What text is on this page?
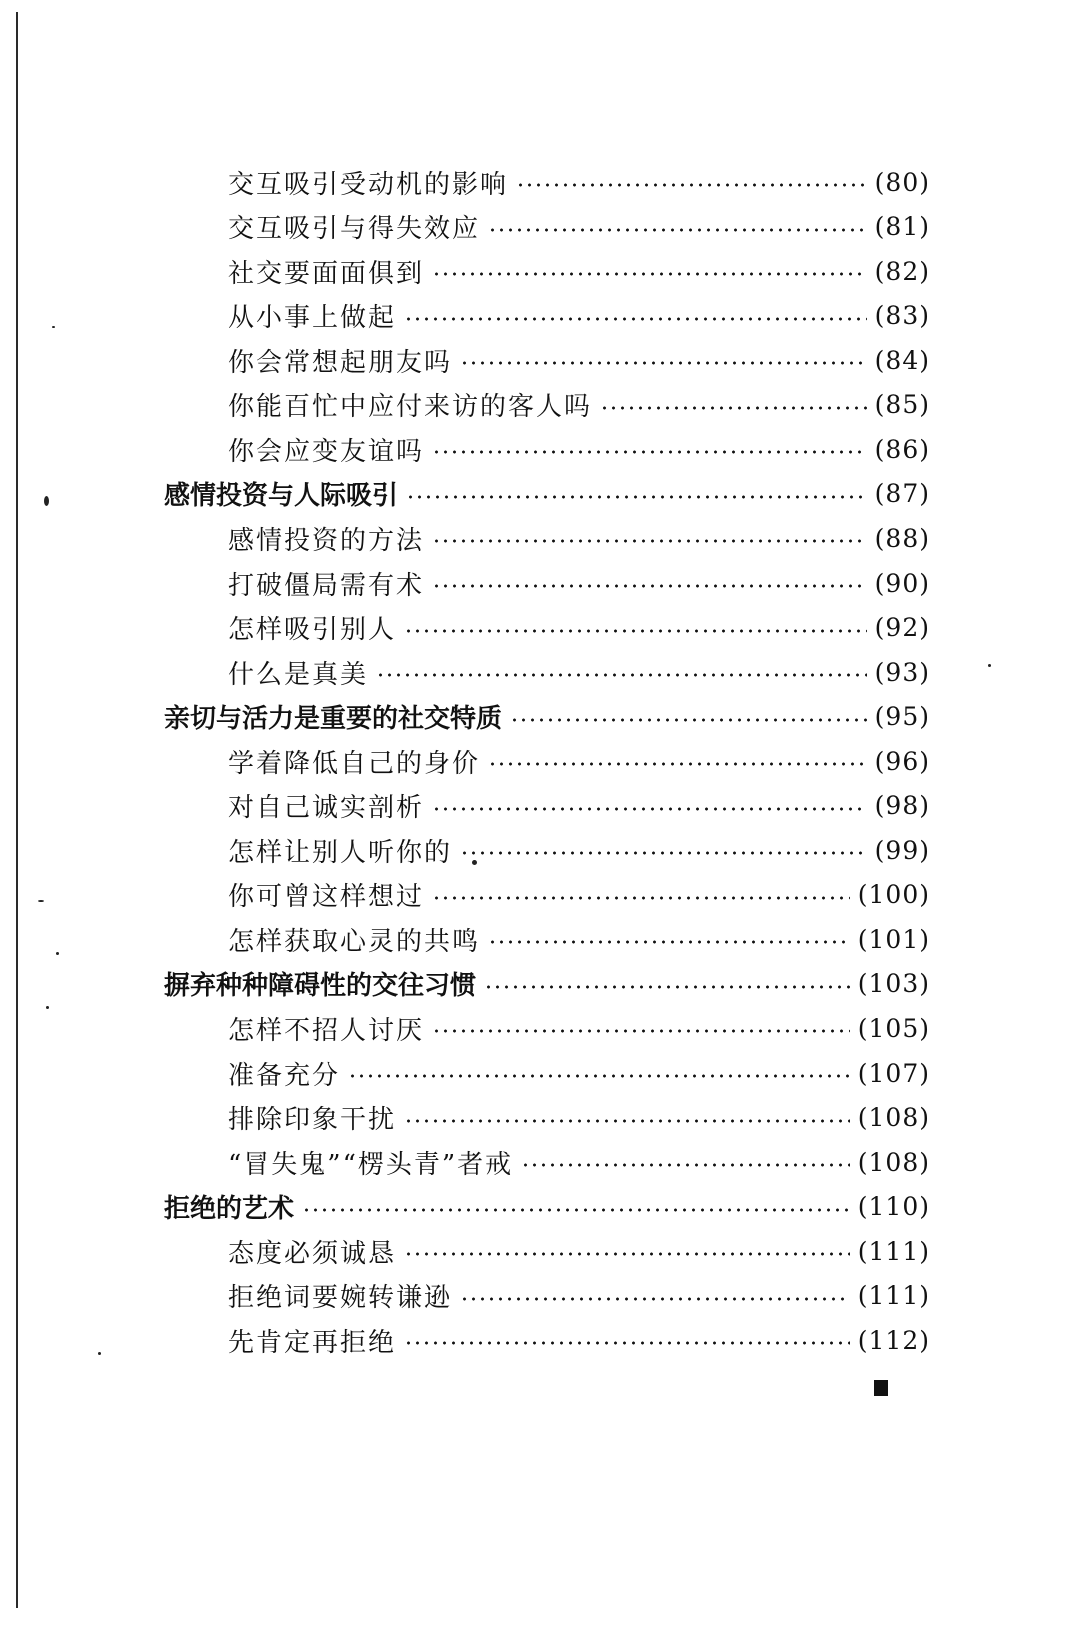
交互吸引受动机的影响	(80)
交互吸引与得失效应	(81)
社交要面面俱到	(82)
从小事上做起	(83)
你会常想起朋友吗	(84)
你能百忙中应付来访的客人吗	(85)
你会应变友谊吗	(86)
感情投资与人际吸引	(87)
感情投资的方法	(88)
打破僵局需有术	(90)
怎样吸引别人	(92)
什么是真美	(93)
亲切与活力是重要的社交特质	(95)
学着降低自己的身价	(96)
对自己诚实剖析	(98)
怎样让别人听你的	(99)
你可曾这样想过	(100)
怎样获取心灵的共鸣	(101)
摒弃种种障碍性的交往习惯	(103)
怎样不招人讨厌	(105)
准备充分	(107)
排除印象干扰	(108)
“冒失鬼”“楞头青”者戒	(108)
拒绝的艺术	(110)
态度必须诚恳	(111)
拒绝词要婉转谦逊	(111)
先肯定再拒绝	(112)
